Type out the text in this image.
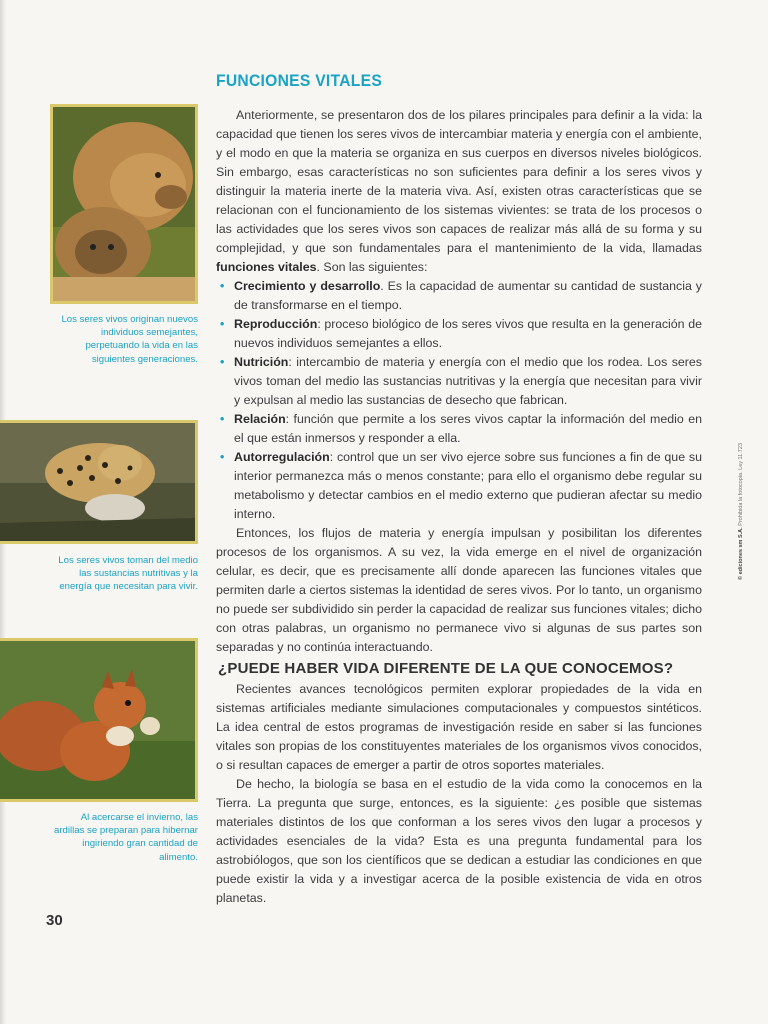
Los seres vivos originan nuevos individuos semejantes, perpetuando la vida en las siguientes generaciones.
Los seres vivos toman del medio las sustancias nutritivas y la energía que necesitan para vivir.
Al acercarse el invierno, las ardillas se preparan para hibernar ingiriendo gran cantidad de alimento.
FUNCIONES VITALES

Anteriormente, se presentaron dos de los pilares principales para definir a la vida: la capacidad que tienen los seres vivos de intercambiar materia y energía con el ambiente, y el modo en que la materia se organiza en sus cuerpos en diversos niveles biológicos. Sin embargo, esas características no son suficientes para definir a los seres vivos y distinguir la materia inerte de la materia viva. Así, existen otras características que se relacionan con el funcionamiento de los sistemas vivientes: se trata de los procesos o las actividades que los seres vivos son capaces de realizar más allá de su forma y su complejidad, y que son fundamentales para el mantenimiento de la vida, llamadas funciones vitales. Son las siguientes:

• Crecimiento y desarrollo. Es la capacidad de aumentar su cantidad de sustancia y de transformarse en el tiempo.
• Reproducción: proceso biológico de los seres vivos que resulta en la generación de nuevos individuos semejantes a ellos.
• Nutrición: intercambio de materia y energía con el medio que los rodea. Los seres vivos toman del medio las sustancias nutritivas y la energía que necesitan para vivir y expulsan al medio las sustancias de desecho que fabrican.
• Relación: función que permite a los seres vivos captar la información del medio en el que están inmersos y responder a ella.
• Autorregulación: control que un ser vivo ejerce sobre sus funciones a fin de que su interior permanezca más o menos constante; para ello el organismo debe regular su metabolismo y detectar cambios en el medio externo que pudieran afectar su medio interno.

Entonces, los flujos de materia y energía impulsan y posibilitan los diferentes procesos de los organismos. A su vez, la vida emerge en el nivel de organización celular, es decir, que es precisamente allí donde aparecen las funciones vitales que permiten darle a ciertos sistemas la identidad de seres vivos. Por lo tanto, un organismo no puede ser subdividido sin perder la capacidad de realizar sus funciones vitales; dicho con otras palabras, un organismo no permanece vivo si algunas de sus partes son separadas y no continúa interactuando.

¿PUEDE HABER VIDA DIFERENTE DE LA QUE CONOCEMOS?

Recientes avances tecnológicos permiten explorar propiedades de la vida en sistemas artificiales mediante simulaciones computacionales y compuestos sintéticos. La idea central de estos programas de investigación reside en saber si las funciones vitales son propias de los constituyentes materiales de los organismos vivos conocidos, o si resultan capaces de emerger a partir de otros soportes materiales.

De hecho, la biología se basa en el estudio de la vida como la conocemos en la Tierra. La pregunta que surge, entonces, es la siguiente: ¿es posible que sistemas materiales distintos de los que conforman a los seres vivos den lugar a procesos y actividades esenciales de la vida? Esta es una pregunta fundamental para los astrobiólogos, que son los científicos que se dedican a estudiar las condiciones en que puede existir la vida y a investigar acerca de la posible existencia de vida en otros planetas.

30
© ediciones sm S.A. Prohibida la fotocopia. Ley 11.723
